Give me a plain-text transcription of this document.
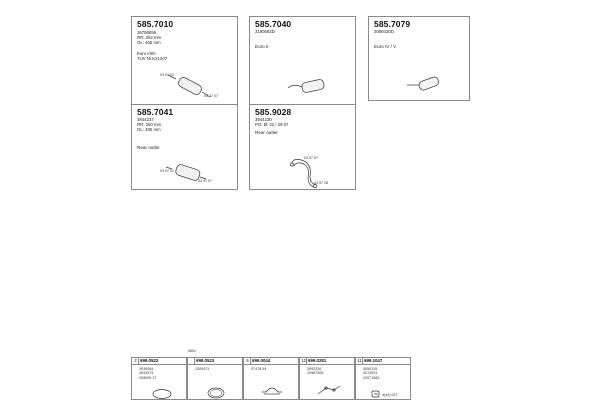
585.7010
16756856
RR: 252 mm
OL: 465 mm
Euro I/II/II
TUV Nr.K21207
03 97 01
03 47 07
585.7040
3190692D
Euro II
585.7079
2059430D
Euro IV / V
585.7041
3944237
RR: 250 mm
OL: 485 mm
Rear outlet
03 97 01
03 47 07
585.9028
3944230
PO: Ø: 22 / 28 07
Rear outlet
03 97 07
03 97 28
580x
2 699.0522
3930084
3943574
309009 27
699.0523
1300971
6 699.0044
07478 94
12 699.0281
3992326
23987308
11 699.1047
3050115
3274523
23971582
d(43) 007
